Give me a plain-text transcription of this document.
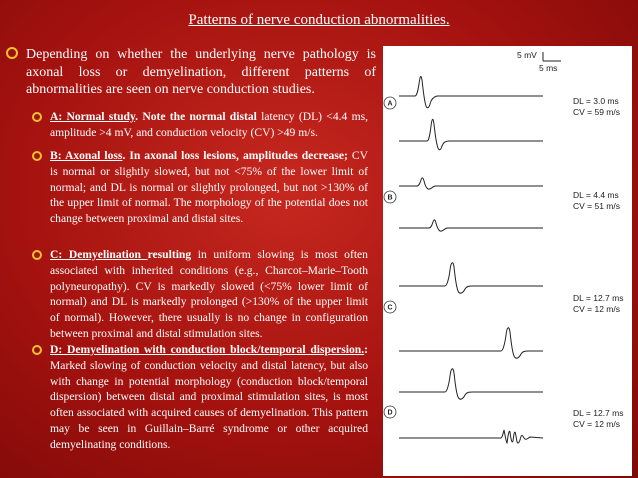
Patterns of nerve conduction abnormalities.
Depending on whether the underlying nerve pathology is axonal loss or demyelination, different patterns of abnormalities are seen on nerve conduction studies.
A: Normal study. Note the normal distal latency (DL) <4.4 ms, amplitude >4 mV, and conduction velocity (CV) >49 m/s.
B: Axonal loss. In axonal loss lesions, amplitudes decrease; CV is normal or slightly slowed, but not <75% of the lower limit of normal; and DL is normal or slightly prolonged, but not >130% of the upper limit of normal. The morphology of the potential does not change between proximal and distal sites.
C: Demyelination resulting in uniform slowing is most often associated with inherited conditions (e.g., Charcot–Marie–Tooth polyneuropathy). CV is markedly slowed (<75% lower limit of normal) and DL is markedly prolonged (>130% of the upper limit of normal). However, there usually is no change in configuration between proximal and distal stimulation sites.
D: Demyelination with conduction block/temporal dispersion.: Marked slowing of conduction velocity and distal latency, but also with change in potential morphology (conduction block/temporal dispersion) between distal and proximal stimulation sites, is most often associated with acquired causes of demyelination. This pattern may be seen in Guillain–Barré syndrome or other acquired demyelinating conditions.
5 mV
5 ms
A	DL = 3.0 ms
CV = 59 m/s
B	DL = 4.4 ms
CV = 51 m/s
C
DL = 12.7 ms
CV = 12 m/s
D	DL = 12.7 ms
CV = 12 m/s
